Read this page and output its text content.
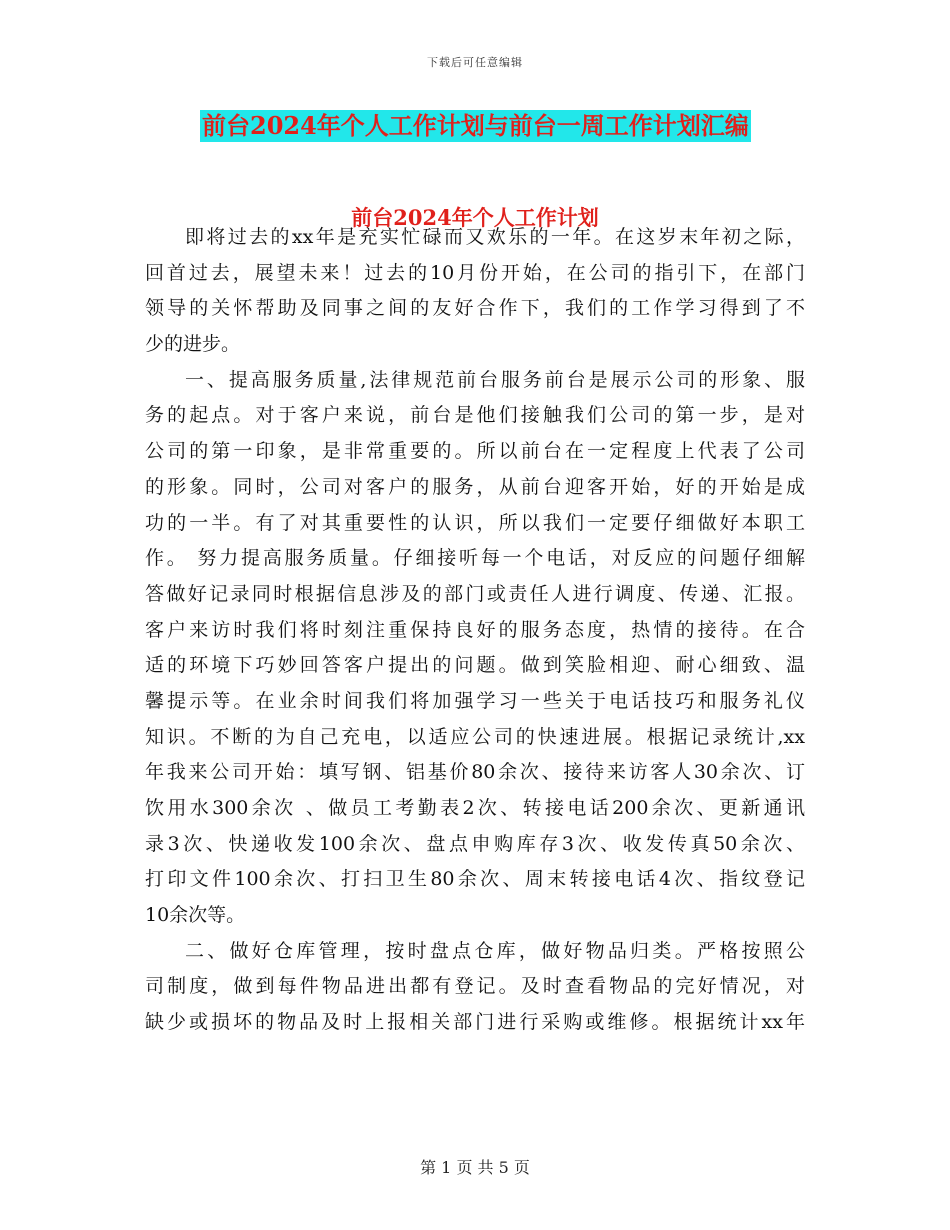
下载后可任意编辑
前台2024年个人工作计划与前台一周工作计划汇编
前台2024年个人工作计划
即将过去的xx年是充实忙碌而又欢乐的一年。在这岁末年初之际，
回首过去，展望未来！过去的10月份开始，在公司的指引下，在部门
领导的关怀帮助及同事之间的友好合作下，我们的工作学习得到了不
少的进步。
一、提高服务质量,法律规范前台服务前台是展示公司的形象、服
务的起点。对于客户来说，前台是他们接触我们公司的第一步，是对
公司的第一印象，是非常重要的。所以前台在一定程度上代表了公司
的形象。同时，公司对客户的服务，从前台迎客开始，好的开始是成
功的一半。有了对其重要性的认识，所以我们一定要仔细做好本职工
作。 努力提高服务质量。仔细接听每一个电话，对反应的问题仔细解
答做好记录同时根据信息涉及的部门或责任人进行调度、传递、汇报。
客户来访时我们将时刻注重保持良好的服务态度，热情的接待。在合
适的环境下巧妙回答客户提出的问题。做到笑脸相迎、耐心细致、温
馨提示等。在业余时间我们将加强学习一些关于电话技巧和服务礼仪
知识。不断的为自己充电，以适应公司的快速进展。根据记录统计,xx
年我来公司开始：填写钢、铝基价80余次、接待来访客人30余次、订
饮用水300余次 、做员工考勤表2次、转接电话200余次、更新通讯
录3次、快递收发100余次、盘点申购库存3次、收发传真50余次、
打印文件100余次、打扫卫生80余次、周末转接电话4次、指纹登记
10余次等。
二、做好仓库管理，按时盘点仓库，做好物品归类。严格按照公
司制度，做到每件物品进出都有登记。及时查看物品的完好情况，对
缺少或损坏的物品及时上报相关部门进行采购或维修。根据统计xx年
第 1 页 共 5 页
